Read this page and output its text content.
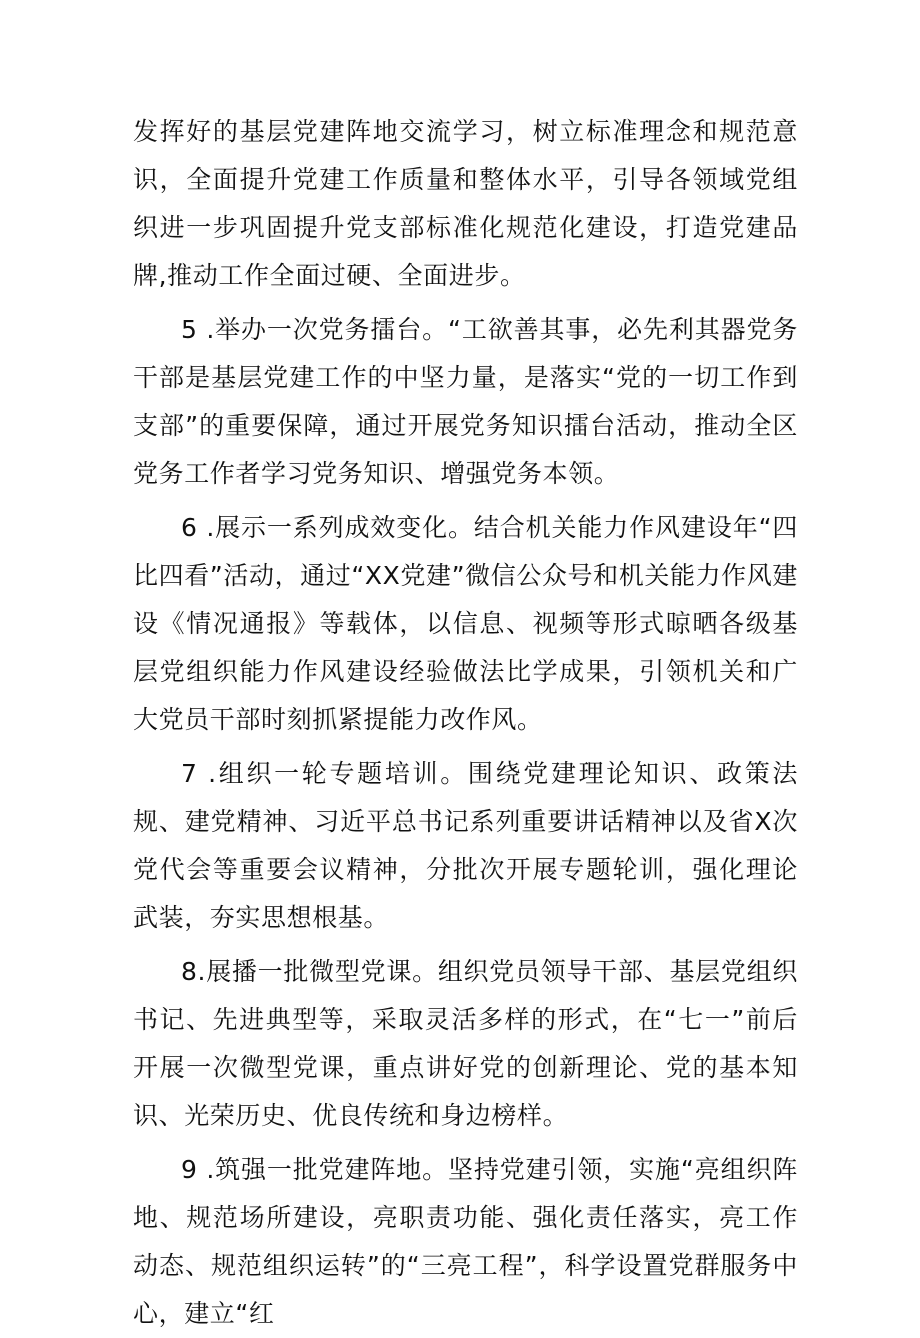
发挥好的基层党建阵地交流学习，树立标准理念和规范意识，全面提升党建工作质量和整体水平，引导各领域党组织进一步巩固提升党支部标准化规范化建设，打造党建品牌,推动工作全面过硬、全面进步。

5 .举办一次党务擂台。“工欲善其事，必先利其器党务干部是基层党建工作的中坚力量，是落实“党的一切工作到支部”的重要保障，通过开展党务知识擂台活动，推动全区党务工作者学习党务知识、增强党务本领。

6 .展示一系列成效变化。结合机关能力作风建设年“四比四看”活动，通过“XX党建”微信公众号和机关能力作风建设《情况通报》等载体，以信息、视频等形式晾晒各级基层党组织能力作风建设经验做法比学成果，引领机关和广大党员干部时刻抓紧提能力改作风。

7 .组织一轮专题培训。围绕党建理论知识、政策法规、建党精神、习近平总书记系列重要讲话精神以及省X次党代会等重要会议精神，分批次开展专题轮训，强化理论武装，夯实思想根基。

8.展播一批微型党课。组织党员领导干部、基层党组织书记、先进典型等，采取灵活多样的形式，在“七一”前后开展一次微型党课，重点讲好党的创新理论、党的基本知识、光荣历史、优良传统和身边榜样。

9 .筑强一批党建阵地。坚持党建引领，实施“亮组织阵地、规范场所建设，亮职责功能、强化责任落实，亮工作动态、规范组织运转”的“三亮工程”，科学设置党群服务中心，建立“红
